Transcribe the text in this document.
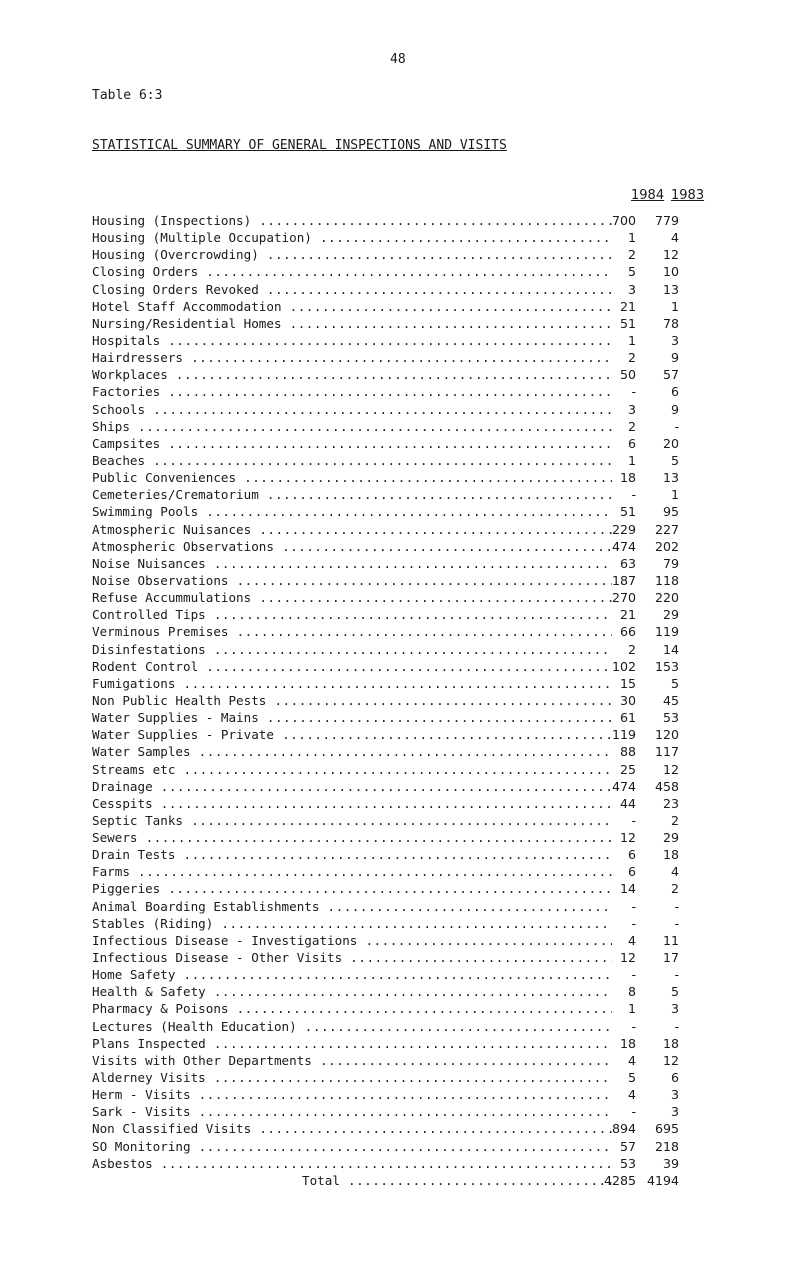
48
Table 6:3
STATISTICAL SUMMARY OF GENERAL INSPECTIONS AND VISITS
1984 1983
Housing (Inspections) .....	700	779
Housing (Multiple Occupation) .....	1	4
Housing (Overcrowding) .....	2	12
Closing Orders .....	5	10
Closing Orders Revoked .....	3	13
Hotel Staff Accommodation .....	21	1
Nursing/Residential Homes .....	51	78
Hospitals .....	1	3
Hairdressers .....	2	9
Workplaces .....	50	57
Factories .....	-	6
Schools .....	3	9
Ships .....	2	-
Campsites .....	6	20
Beaches .....	1	5
Public Conveniences .....	18	13
Cemeteries/Crematorium .....	-	1
Swimming Pools .....	51	95
Atmospheric Nuisances .....	229	227
Atmospheric Observations .....	474	202
Noise Nuisances .....	63	79
Noise Observations .....	187	118
Refuse Accummulations .....	270	220
Controlled Tips .....	21	29
Verminous Premises .....	66	119
Disinfestations .....	2	14
Rodent Control .....	102	153
Fumigations .....	15	5
Non Public Health Pests .....	30	45
Water Supplies - Mains .....	61	53
Water Supplies - Private .....	119	120
Water Samples .....	88	117
Streams etc .....	25	12
Drainage .....	474	458
Cesspits .....	44	23
Septic Tanks .....	-	2
Sewers .....	12	29
Drain Tests .....	6	18
Farms .....	6	4
Piggeries .....	14	2
Animal Boarding Establishments .....	-	-
Stables (Riding) .....	-	-
Infectious Disease - Investigations .....	4	11
Infectious Disease - Other Visits .....	12	17
Home Safety .....	-	-
Health & Safety .....	8	5
Pharmacy & Poisons .....	1	3
Lectures (Health Education) .....	-	-
Plans Inspected .....	18	18
Visits with Other Departments .....	4	12
Alderney Visits .....	5	6
Herm - Visits .....	4	3
Sark - Visits .....	-	3
Non Classified Visits .....	894	695
SO Monitoring .....	57	218
Asbestos .....	53	39
Total .....	4285 4194
